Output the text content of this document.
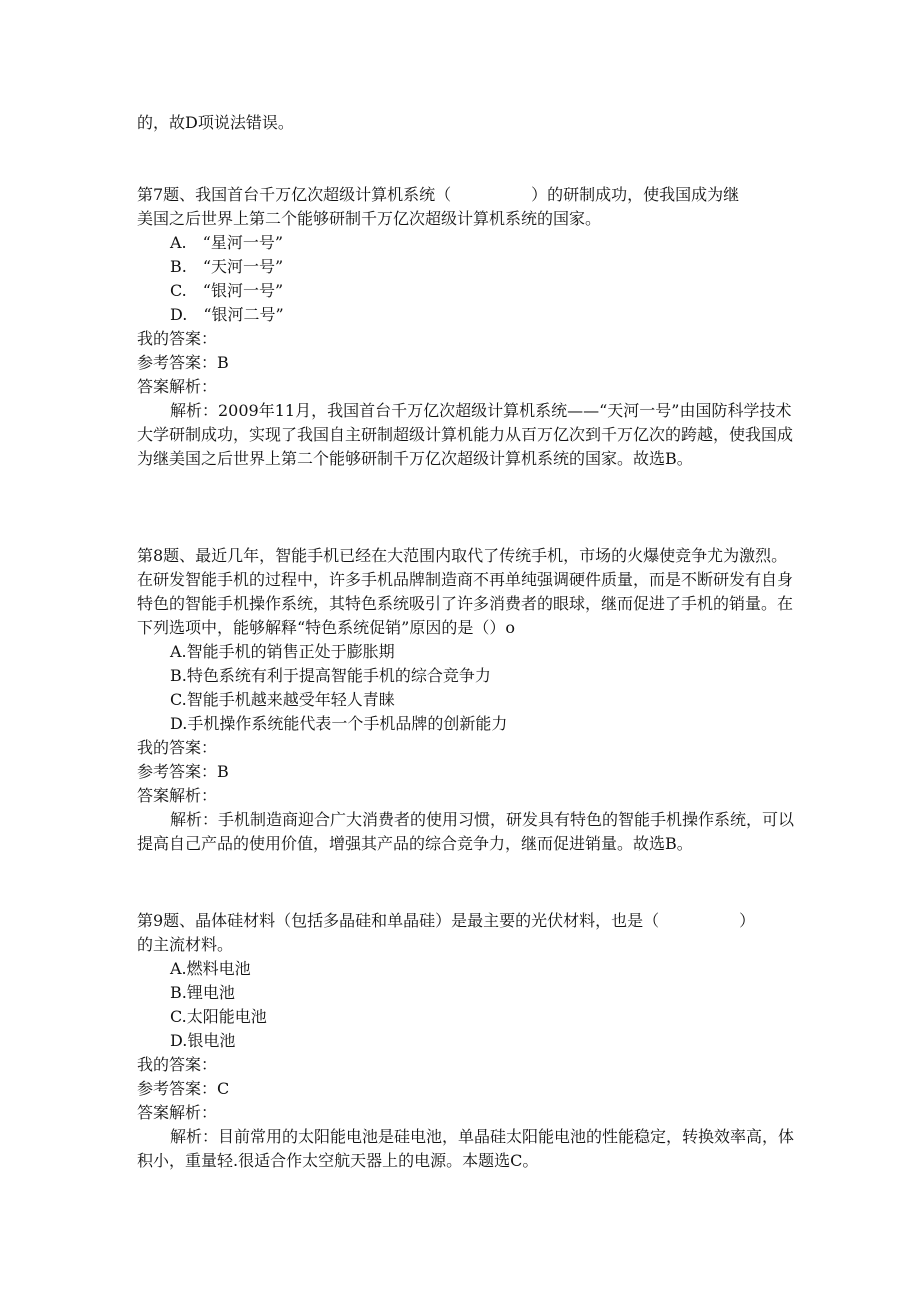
的，故D项说法错误。
第7题、我国首台千万亿次超级计算机系统（　　　　　）的研制成功，使我国成为继
美国之后世界上第二个能够研制千万亿次超级计算机系统的国家。
A.　“星河一号”
B.　“天河一号”
C.　“银河一号”
D.　“银河二号”
我的答案：
参考答案：B
答案解析：
解析：2009年11月，我国首台千万亿次超级计算机系统——“天河一号”由国防科学技术大学研制成功，实现了我国自主研制超级计算机能力从百万亿次到千万亿次的跨越，使我国成为继美国之后世界上第二个能够研制千万亿次超级计算机系统的国家。故选B。
第8题、最近几年，智能手机已经在大范围内取代了传统手机，市场的火爆使竞争尤为激烈。在研发智能手机的过程中，许多手机品牌制造商不再单纯强调硬件质量，而是不断研发有自身特色的智能手机操作系统，其特色系统吸引了许多消费者的眼球，继而促进了手机的销量。在下列选项中，能够解释“特色系统促销”原因的是（）o
A.智能手机的销售正处于膨胀期
B.特色系统有利于提高智能手机的综合竞争力
C.智能手机越来越受年轻人青睐
D.手机操作系统能代表一个手机品牌的创新能力
我的答案：
参考答案：B
答案解析：
解析：手机制造商迎合广大消费者的使用习惯，研发具有特色的智能手机操作系统，可以提高自己产品的使用价值，增强其产品的综合竞争力，继而促进销量。故选B。
第9题、晶体硅材料（包括多晶硅和单晶硅）是最主要的光伏材料，也是（　　　　　）
的主流材料。
A.燃料电池
B.锂电池
C.太阳能电池
D.银电池
我的答案：
参考答案：C
答案解析：
解析：目前常用的太阳能电池是硅电池，单晶硅太阳能电池的性能稳定，转换效率高，体积小，重量轻.很适合作太空航天器上的电源。本题选C。
